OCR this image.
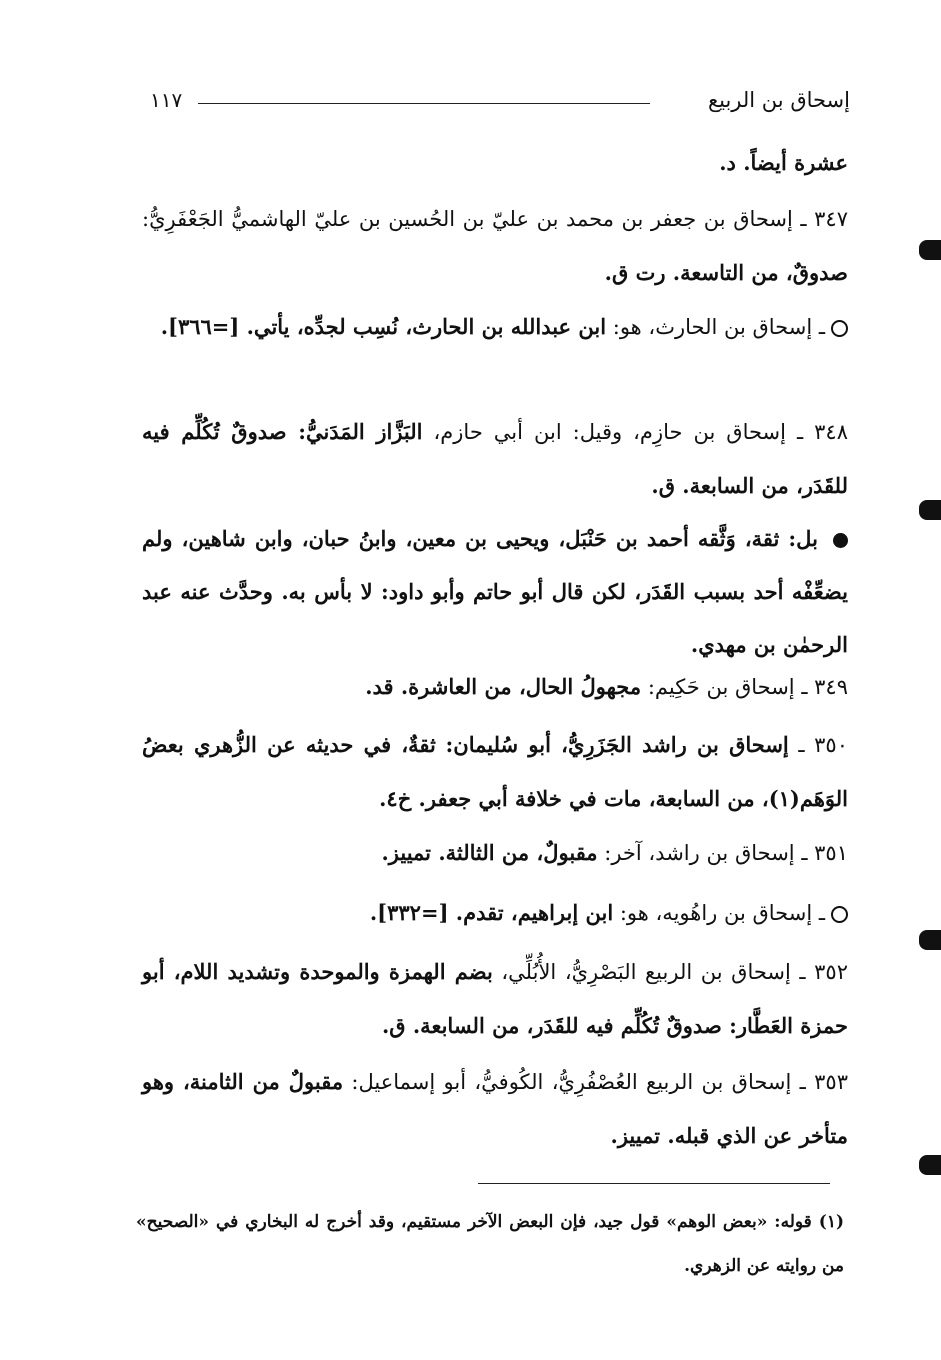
١١٧	إسحاق بن الربيع
عشرة أيضاً. د.
٣٤٧ ـ إسحاق بن جعفر بن محمد بن عليّ بن الحُسين بن عليّ الهاشميُّ الجَعْفَرِيُّ: صدوقٌ، من التاسعة. رت ق.
ـ إسحاق بن الحارث، هو: ابن عبدالله بن الحارث، نُسِب لجدِّه، يأتي. [=٣٦٦].
٣٤٨ ـ إسحاق بن حازِم، وقيل: ابن أبي حازم، البَزَّاز المَدَنيُّ: صدوقٌ تُكُلِّم فيه للقَدَر، من السابعة. ق.
بل: ثقة، وَثَّقه أحمد بن حَنْبَل، ويحيى بن معين، وابنُ حبان، وابن شاهين، ولم يضعِّفْه أحد بسبب القَدَر، لكن قال أبو حاتم وأبو داود: لا بأس به. وحدَّث عنه عبد الرحمٰن بن مهدي.
٣٤٩ ـ إسحاق بن حَكِيم: مجهولُ الحال، من العاشرة. قد.
٣٥٠ ـ إسحاق بن راشد الجَزَرِيُّ، أبو سُليمان: ثقةٌ، في حديثه عن الزُّهري بعضُ الوَهَم(١)، من السابعة، مات في خلافة أبي جعفر. خ٤.
٣٥١ ـ إسحاق بن راشد، آخر: مقبولٌ، من الثالثة. تمييز.
ـ إسحاق بن راهُويه، هو: ابن إبراهيم، تقدم. [=٣٣٢].
٣٥٢ ـ إسحاق بن الربيع البَصْرِيُّ، الأُبُلِّي، بضم الهمزة والموحدة وتشديد اللام، أبو حمزة العَطَّار: صدوقٌ تُكُلِّم فيه للقَدَر، من السابعة. ق.
٣٥٣ ـ إسحاق بن الربيع العُصْفُرِيُّ، الكُوفيُّ، أبو إسماعيل: مقبولٌ من الثامنة، وهو متأخر عن الذي قبله. تمييز.
(١) قوله: «بعض الوهم» قول جيد، فإن البعض الآخر مستقيم، وقد أخرج له البخاري في «الصحيح» من روايته عن الزهري.
